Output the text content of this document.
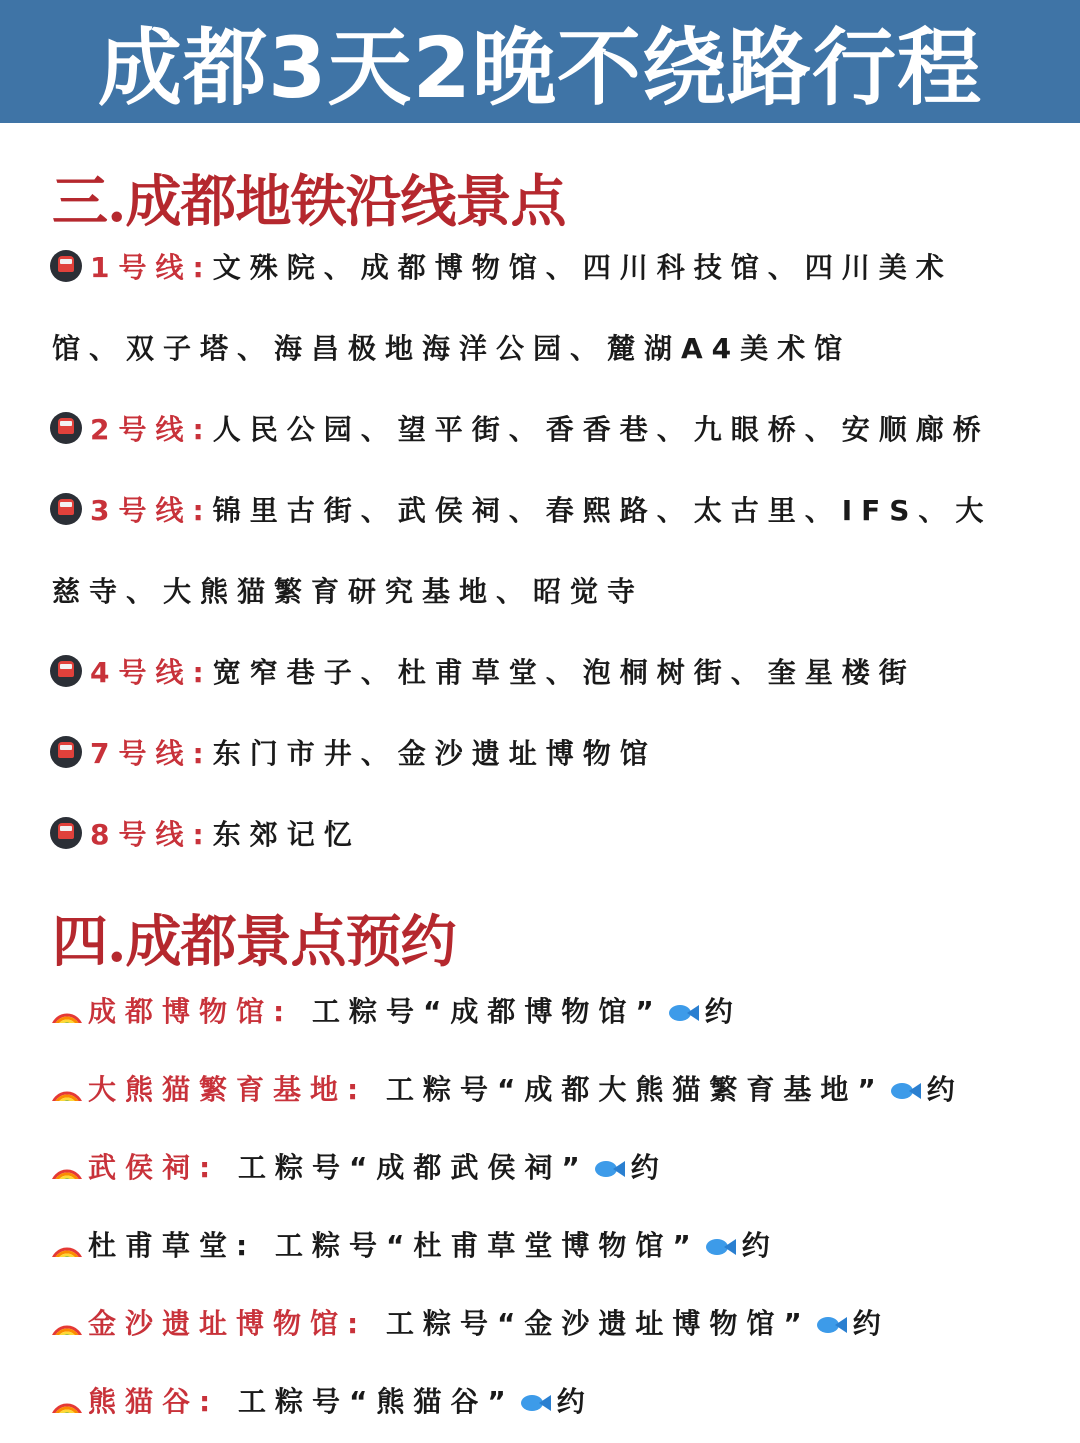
成都3天2晚不绕路行程
三.成都地铁沿线景点
1号线:文殊院、成都博物馆、四川科技馆、四川美术
馆、双子塔、海昌极地海洋公园、麓湖A4美术馆
2号线:人民公园、望平街、香香巷、九眼桥、安顺廊桥
3号线:锦里古街、武侯祠、春熙路、太古里、IFS、大
慈寺、大熊猫繁育研究基地、昭觉寺
4号线:宽窄巷子、杜甫草堂、泡桐树街、奎星楼街
7号线:东门市井、金沙遗址博物馆
8号线:东郊记忆
四.成都景点预约
成都博物馆: 工粽号“成都博物馆” 约
大熊猫繁育基地: 工粽号“成都大熊猫繁育基地” 约
武侯祠: 工粽号“成都武侯祠” 约
杜甫草堂: 工粽号“杜甫草堂博物馆” 约
金沙遗址博物馆: 工粽号“金沙遗址博物馆” 约
熊猫谷: 工粽号“熊猫谷” 约
